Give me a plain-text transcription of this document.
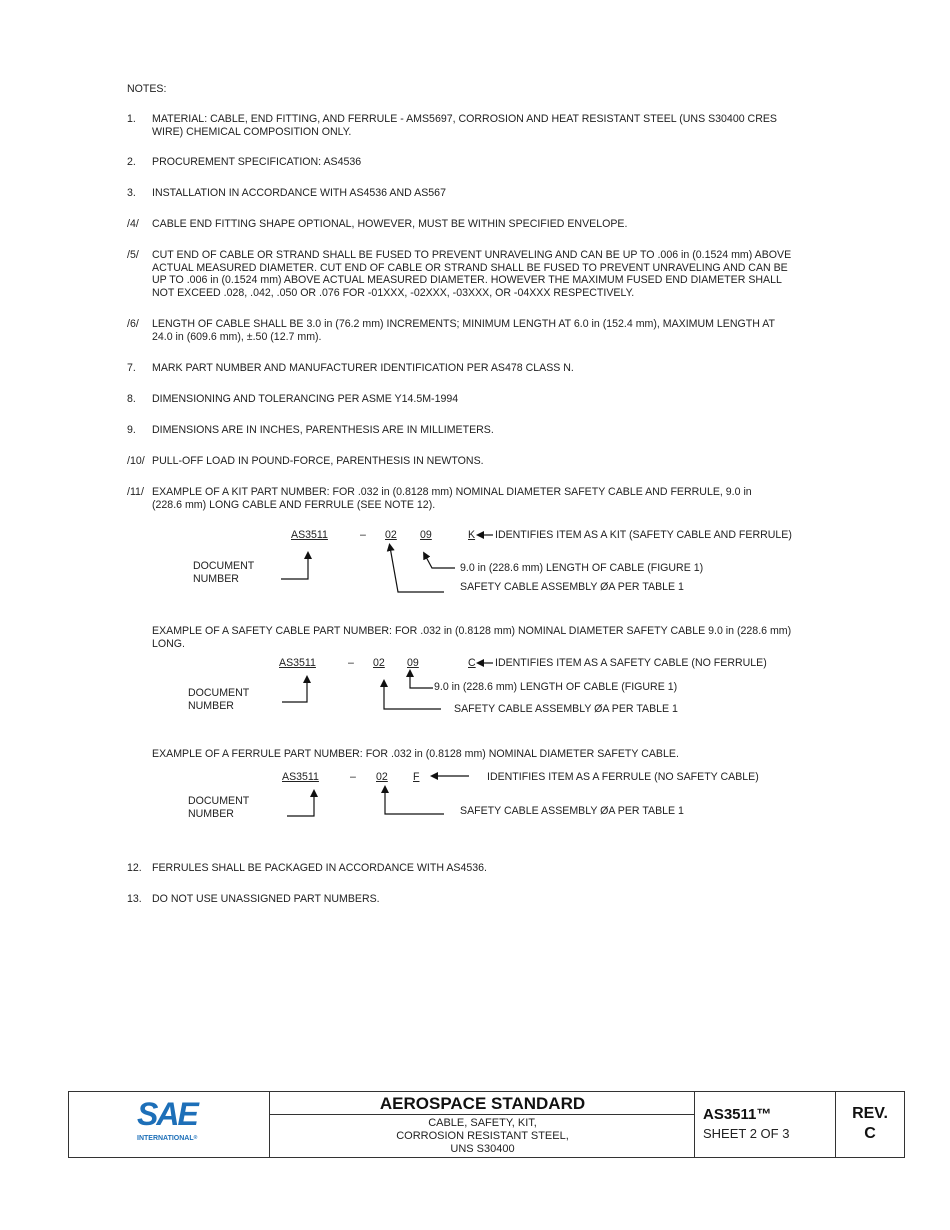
NOTES:
1. MATERIAL: CABLE, END FITTING, AND FERRULE - AMS5697, CORROSION AND HEAT RESISTANT STEEL (UNS S30400 CRES
WIRE) CHEMICAL COMPOSITION ONLY.
2. PROCUREMENT SPECIFICATION: AS4536
3. INSTALLATION IN ACCORDANCE WITH AS4536 AND AS567
/4/ CABLE END FITTING SHAPE OPTIONAL, HOWEVER, MUST BE WITHIN SPECIFIED ENVELOPE.
/5/ CUT END OF CABLE OR STRAND SHALL BE FUSED TO PREVENT UNRAVELING AND CAN BE UP TO .006 in (0.1524 mm) ABOVE
ACTUAL MEASURED DIAMETER. CUT END OF CABLE OR STRAND SHALL BE FUSED TO PREVENT UNRAVELING AND CAN BE
UP TO .006 in (0.1524 mm) ABOVE ACTUAL MEASURED DIAMETER. HOWEVER THE MAXIMUM FUSED END DIAMETER SHALL
NOT EXCEED .028, .042, .050 OR .076 FOR -01XXX, -02XXX, -03XXX, OR -04XXX RESPECTIVELY.
/6/ LENGTH OF CABLE SHALL BE 3.0 in (76.2 mm) INCREMENTS; MINIMUM LENGTH AT 6.0 in (152.4 mm), MAXIMUM LENGTH AT
24.0 in (609.6 mm), ±.50 (12.7 mm).
7. MARK PART NUMBER AND MANUFACTURER IDENTIFICATION PER AS478 CLASS N.
8. DIMENSIONING AND TOLERANCING PER ASME Y14.5M-1994
9. DIMENSIONS ARE IN INCHES, PARENTHESIS ARE IN MILLIMETERS.
/10/ PULL-OFF LOAD IN POUND-FORCE, PARENTHESIS IN NEWTONS.
/11/ EXAMPLE OF A KIT PART NUMBER: FOR .032 in (0.8128 mm) NOMINAL DIAMETER SAFETY CABLE AND FERRULE, 9.0 in
(228.6 mm) LONG CABLE AND FERRULE (SEE NOTE 12).
AS3511	– 02 09	K IDENTIFIES ITEM AS A KIT (SAFETY CABLE AND FERRULE)
DOCUMENT
NUMBER
9.0 in (228.6 mm) LENGTH OF CABLE (FIGURE 1)
SAFETY CABLE ASSEMBLY ØA PER TABLE 1
EXAMPLE OF A SAFETY CABLE PART NUMBER: FOR .032 in (0.8128 mm) NOMINAL DIAMETER SAFETY CABLE 9.0 in (228.6 mm)
LONG.
AS3511	– 02 09	C IDENTIFIES ITEM AS A SAFETY CABLE (NO FERRULE)
DOCUMENT
NUMBER
9.0 in (228.6 mm) LENGTH OF CABLE (FIGURE 1)
SAFETY CABLE ASSEMBLY ØA PER TABLE 1
EXAMPLE OF A FERRULE PART NUMBER: FOR .032 in (0.8128 mm) NOMINAL DIAMETER SAFETY CABLE.
AS3511	– 02 F	IDENTIFIES ITEM AS A FERRULE (NO SAFETY CABLE)
DOCUMENT
NUMBER	SAFETY CABLE ASSEMBLY ØA PER TABLE 1
12. FERRULES SHALL BE PACKAGED IN ACCORDANCE WITH AS4536.
13. DO NOT USE UNASSIGNED PART NUMBERS.
SAE
INTERNATIONAL®
AEROSPACE STANDARD
CABLE, SAFETY, KIT,
CORROSION RESISTANT STEEL,
UNS S30400
AS3511™
SHEET 2 OF 3
REV.
C
